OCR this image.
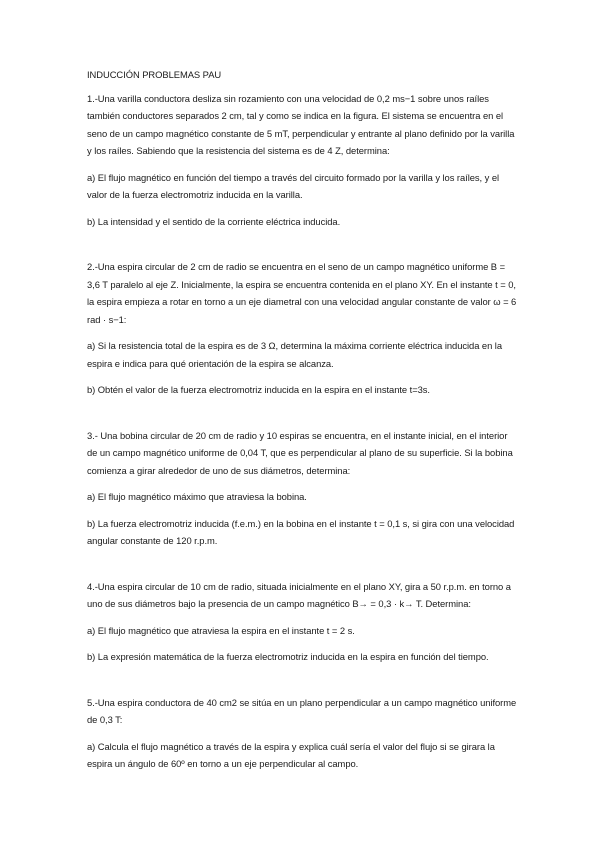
INDUCCIÓN PROBLEMAS PAU

1.-Una varilla conductora desliza sin rozamiento con una velocidad de 0,2 ms−1 sobre unos raíles también conductores separados 2 cm, tal y como se indica en la figura. El sistema se encuentra en el seno de un campo magnético constante de 5 mT, perpendicular y entrante al plano definido por la varilla y los raíles. Sabiendo que la resistencia del sistema es de 4 Z, determina:

a) El flujo magnético en función del tiempo a través del circuito formado por la varilla y los raíles, y el valor de la fuerza electromotriz inducida en la varilla.

b) La intensidad y el sentido de la corriente eléctrica inducida.

2.-Una espira circular de 2 cm de radio se encuentra en el seno de un campo magnético uniforme B = 3,6 T paralelo al eje Z. Inicialmente, la espira se encuentra contenida en el plano XY. En el instante t = 0, la espira empieza a rotar en torno a un eje diametral con una velocidad angular constante de valor ω = 6 rad · s−1:

a) Si la resistencia total de la espira es de 3 Ω, determina la máxima corriente eléctrica inducida en la espira e indica para qué orientación de la espira se alcanza.

b) Obtén el valor de la fuerza electromotriz inducida en la espira en el instante t=3s.

3.- Una bobina circular de 20 cm de radio y 10 espiras se encuentra, en el instante inicial, en el interior de un campo magnético uniforme de 0,04 T, que es perpendicular al plano de su superficie. Si la bobina comienza a girar alrededor de uno de sus diámetros, determina:

a) El flujo magnético máximo que atraviesa la bobina.

b) La fuerza electromotriz inducida (f.e.m.) en la bobina en el instante t = 0,1 s, si gira con una velocidad angular constante de 120 r.p.m.

4.-Una espira circular de 10 cm de radio, situada inicialmente en el plano XY, gira a 50 r.p.m. en torno a uno de sus diámetros bajo la presencia de un campo magnético B→ = 0,3 · k→ T. Determina:

a) El flujo magnético que atraviesa la espira en el instante t = 2 s.

b) La expresión matemática de la fuerza electromotriz inducida en la espira en función del tiempo.

5.-Una espira conductora de 40 cm2 se sitúa en un plano perpendicular a un campo magnético uniforme de 0,3 T:

a) Calcula el flujo magnético a través de la espira y explica cuál sería el valor del flujo si se girara la espira un ángulo de 60º en torno a un eje perpendicular al campo.
